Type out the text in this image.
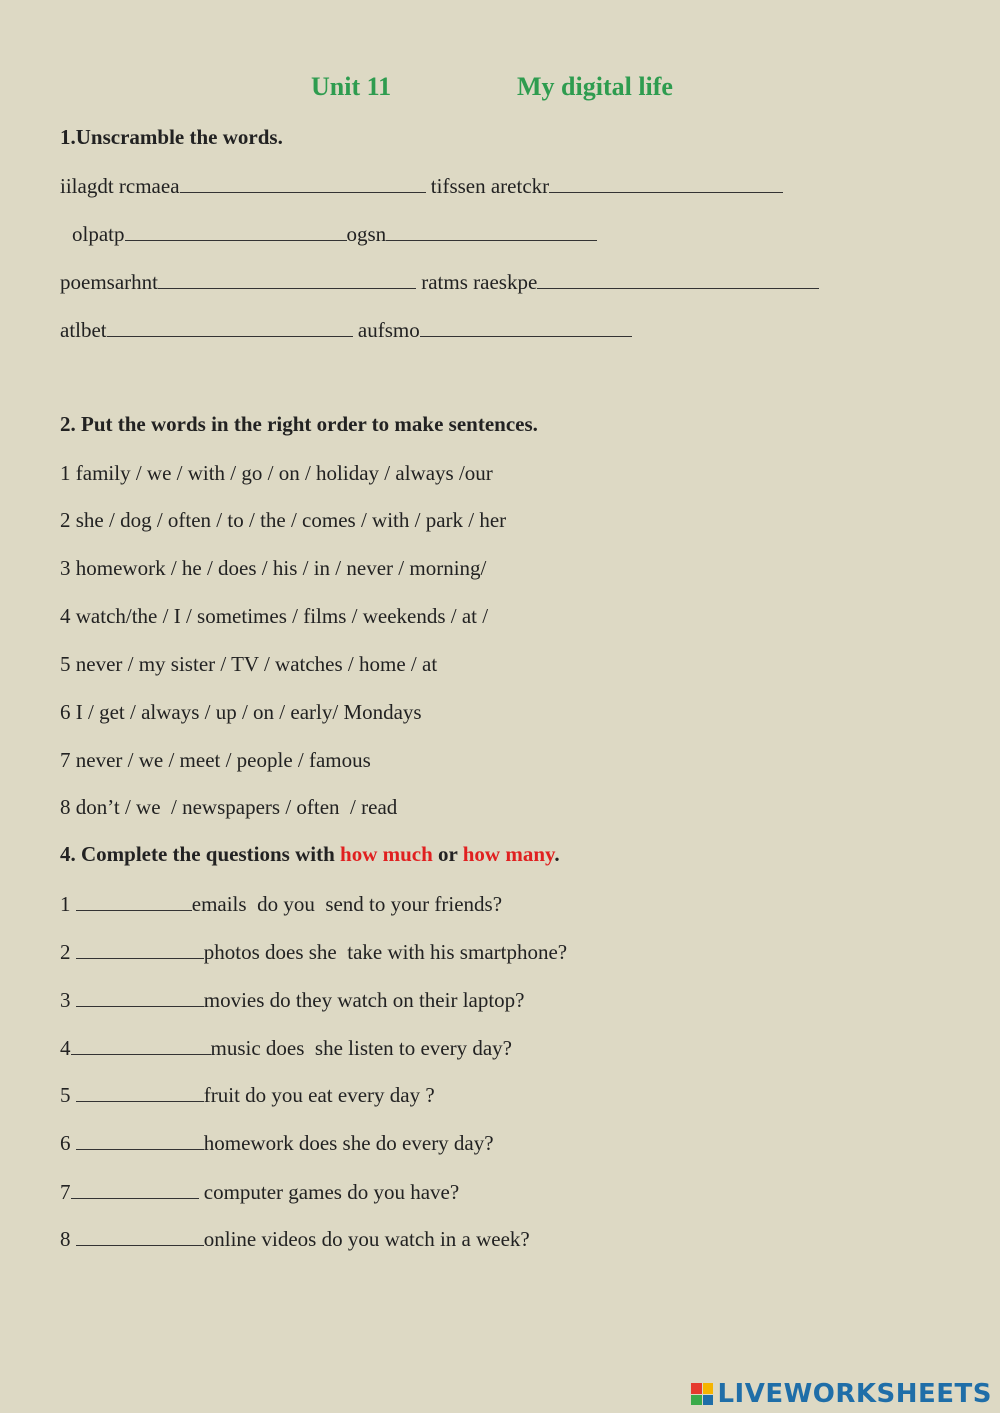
Unit 11	My digital life
1.Unscramble the words.
iilagdt rcmaea	tifssen aretckr
olpatp	ogsn
poemsarhnt	ratms raeskpe
atlbet	aufsmo
2. Put the words in the right order to make sentences.
1 family / we / with / go / on / holiday / always /our
2 she / dog / often / to / the / comes / with / park / her
3 homework / he / does / his / in / never / morning/
4 watch/the / I / sometimes / films / weekends / at /
5 never / my sister / TV / watches / home / at
6 I / get / always / up / on / early/ Mondays
7 never / we / meet / people / famous
8 don’t / we  / newspapers / often  / read
4. Complete the questions with how much or how many.
1	emails  do you  send to your friends?
2	photos does she  take with his smartphone?
3	movies do they watch on their laptop?
4	music does  she listen to every day?
5	fruit do you eat every day ?
6	homework does she do every day?
7	computer games do you have?
8	online videos do you watch in a week?
LIVEWORKSHEETS
